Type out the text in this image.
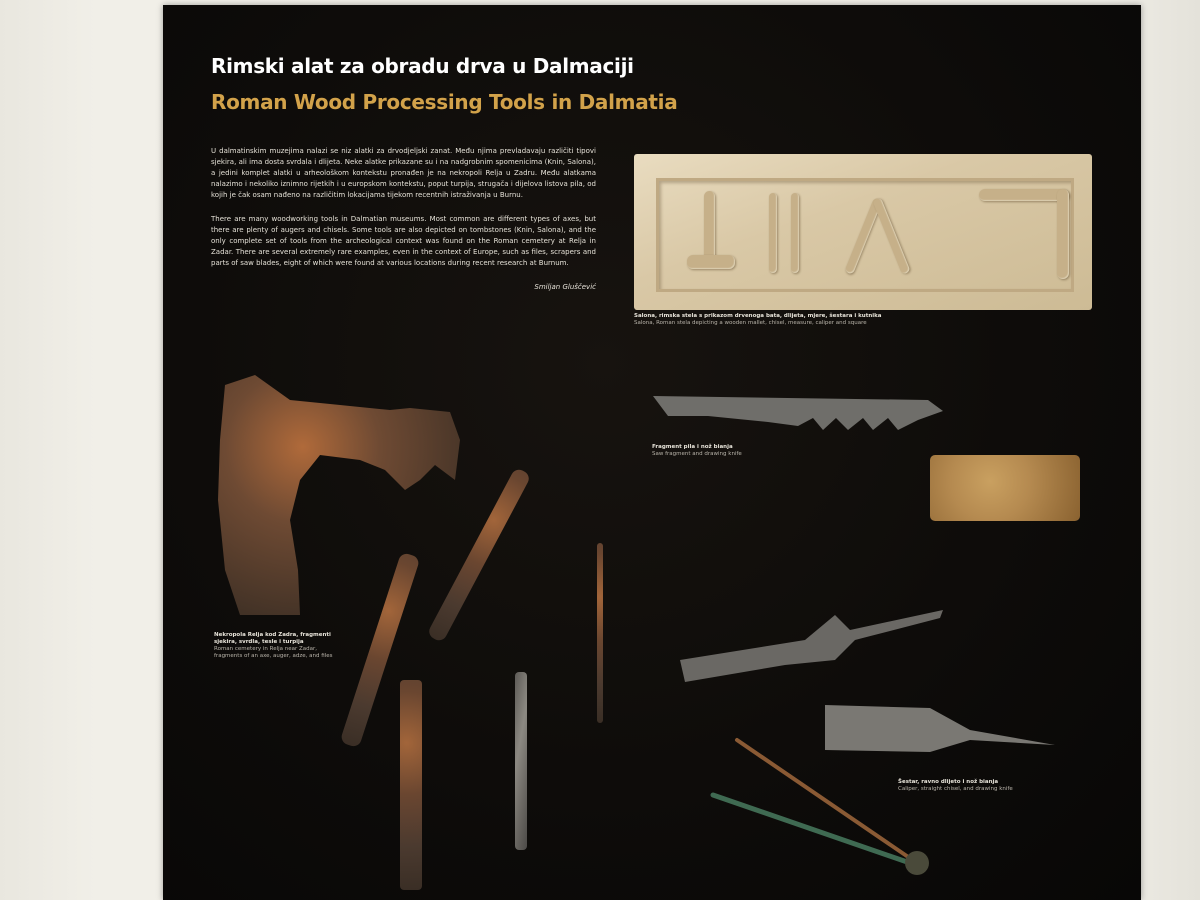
Rimski alat za obradu drva u Dalmaciji
Roman Wood Processing Tools in Dalmatia
U dalmatinskim muzejima nalazi se niz alatki za drvodjeljski zanat. Među njima prevladavaju različiti tipovi sjekira, ali ima dosta svrdala i dlijeta. Neke alatke prikazane su i na nadgrobnim spomenicima (Knin, Salona), a jedini komplet alatki u arheološkom kontekstu pronađen je na nekropoli Relja u Zadru. Među alatkama nalazimo i nekoliko iznimno rijetkih i u europskom kontekstu, poput turpija, strugača i dijelova listova pila, od kojih je čak osam nađeno na različitim lokacijama tijekom recentnih istraživanja u Burnu.
There are many woodworking tools in Dalmatian museums. Most common are different types of axes, but there are plenty of augers and chisels. Some tools are also depicted on tombstones (Knin, Salona), and the only complete set of tools from the archeological context was found on the Roman cemetery at Relja in Zadar. There are several extremely rare examples, even in the context of Europe, such as files, scrapers and parts of saw blades, eight of which were found at various locations during recent research at Burnum.
Smiljan Gluščević
Salona, rimska stela s prikazom drvenoga bata, dlijeta, mjere, šestara i kutnika
Salona, Roman stela depicting a wooden mallet, chisel, measure, caliper and square
Nekropola Relja kod Zadra, fragmenti sjekira, svrdla, tesle i turpija
Roman cemetery in Relja near Zadar, fragments of an axe, auger, adze, and files
Fragment pila i nož bianja
Saw fragment and drawing knife
Šestar, ravno dlijeto i nož bianja
Caliper, straight chisel, and drawing knife
